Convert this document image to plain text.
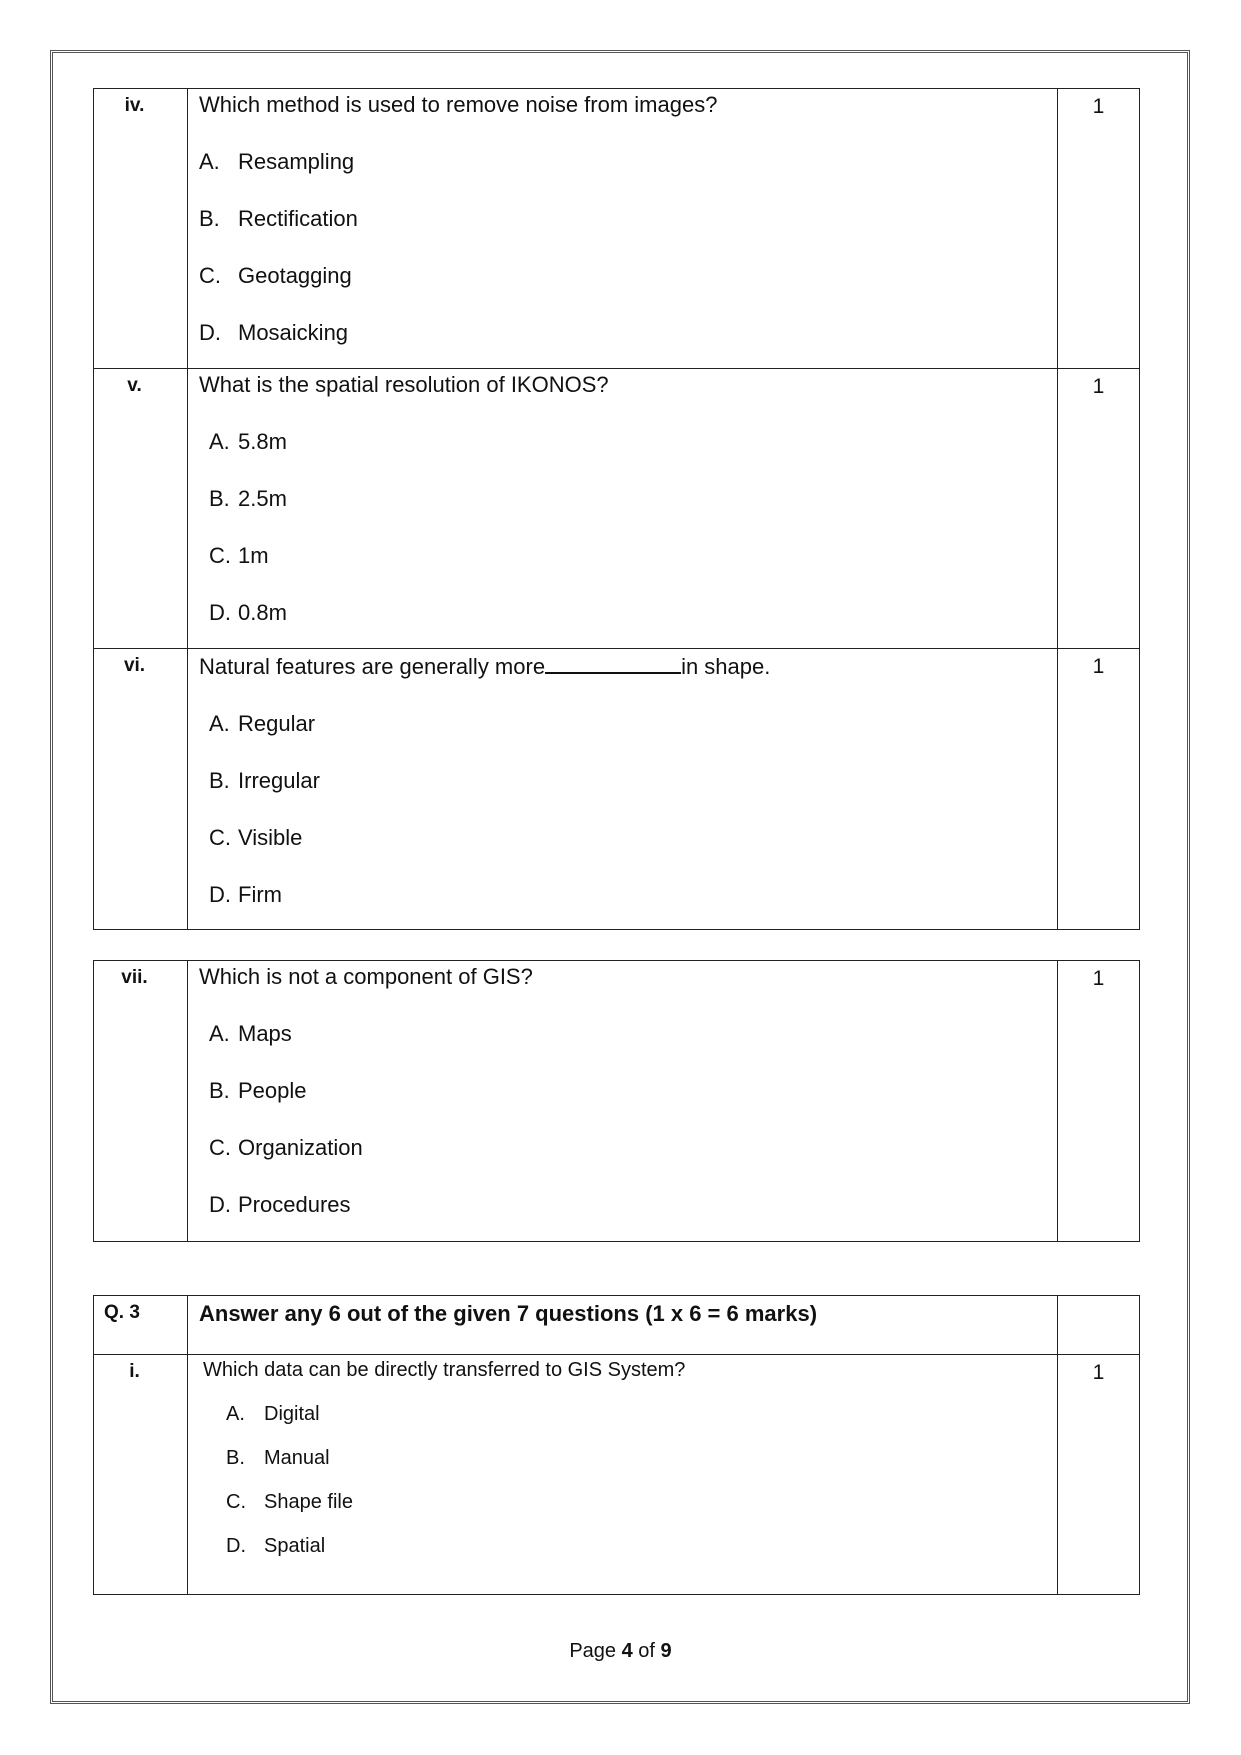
iv.	Which method is used to remove noise from images?
A. Resampling
B. Rectification
C. Geotagging
D. Mosaicking	1
v.	What is the spatial resolution of IKONOS?
A. 5.8m
B. 2.5m
C. 1m
D. 0.8m	1
vi.	Natural features are generally more in shape.
A. Regular
B. Irregular
C. Visible
D. Firm	1
vii.	Which is not a component of GIS?
A. Maps
B. People
C. Organization
D. Procedures
	1
Q. 3	Answer any 6 out of the given 7 questions (1 x 6 = 6 marks)	
i.	Which data can be directly transferred to GIS System?
A. Digital
B. Manual
C. Shape file
D. Spatial	1
Page 4 of 9
